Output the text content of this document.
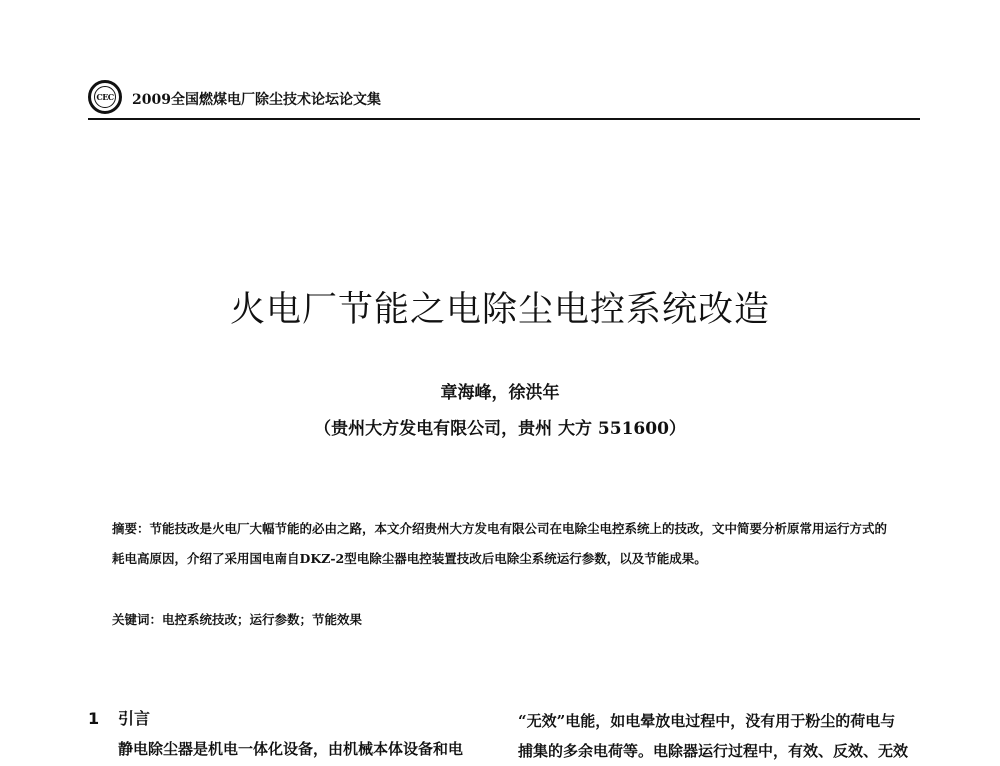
CEC 2009全国燃煤电厂除尘技术论坛论文集
火电厂节能之电除尘电控系统改造
章海峰，徐洪年
（贵州大方发电有限公司，贵州 大方 551600）
摘要：节能技改是火电厂大幅节能的必由之路，本文介绍贵州大方发电有限公司在电除尘电控系统上的技改，文中简要分析原常用运行方式的耗电高原因，介绍了采用国电南自DKZ-2型电除尘器电控装置技改后电除尘系统运行参数，以及节能成果。
关键词：电控系统技改；运行参数；节能效果
1 引言
静电除尘器是机电一体化设备，由机械本体设备和电
“无效”电能，如电晕放电过程中，没有用于粉尘的荷电与
捕集的多余电荷等。电除器运行过程中，有效、反效、无效
